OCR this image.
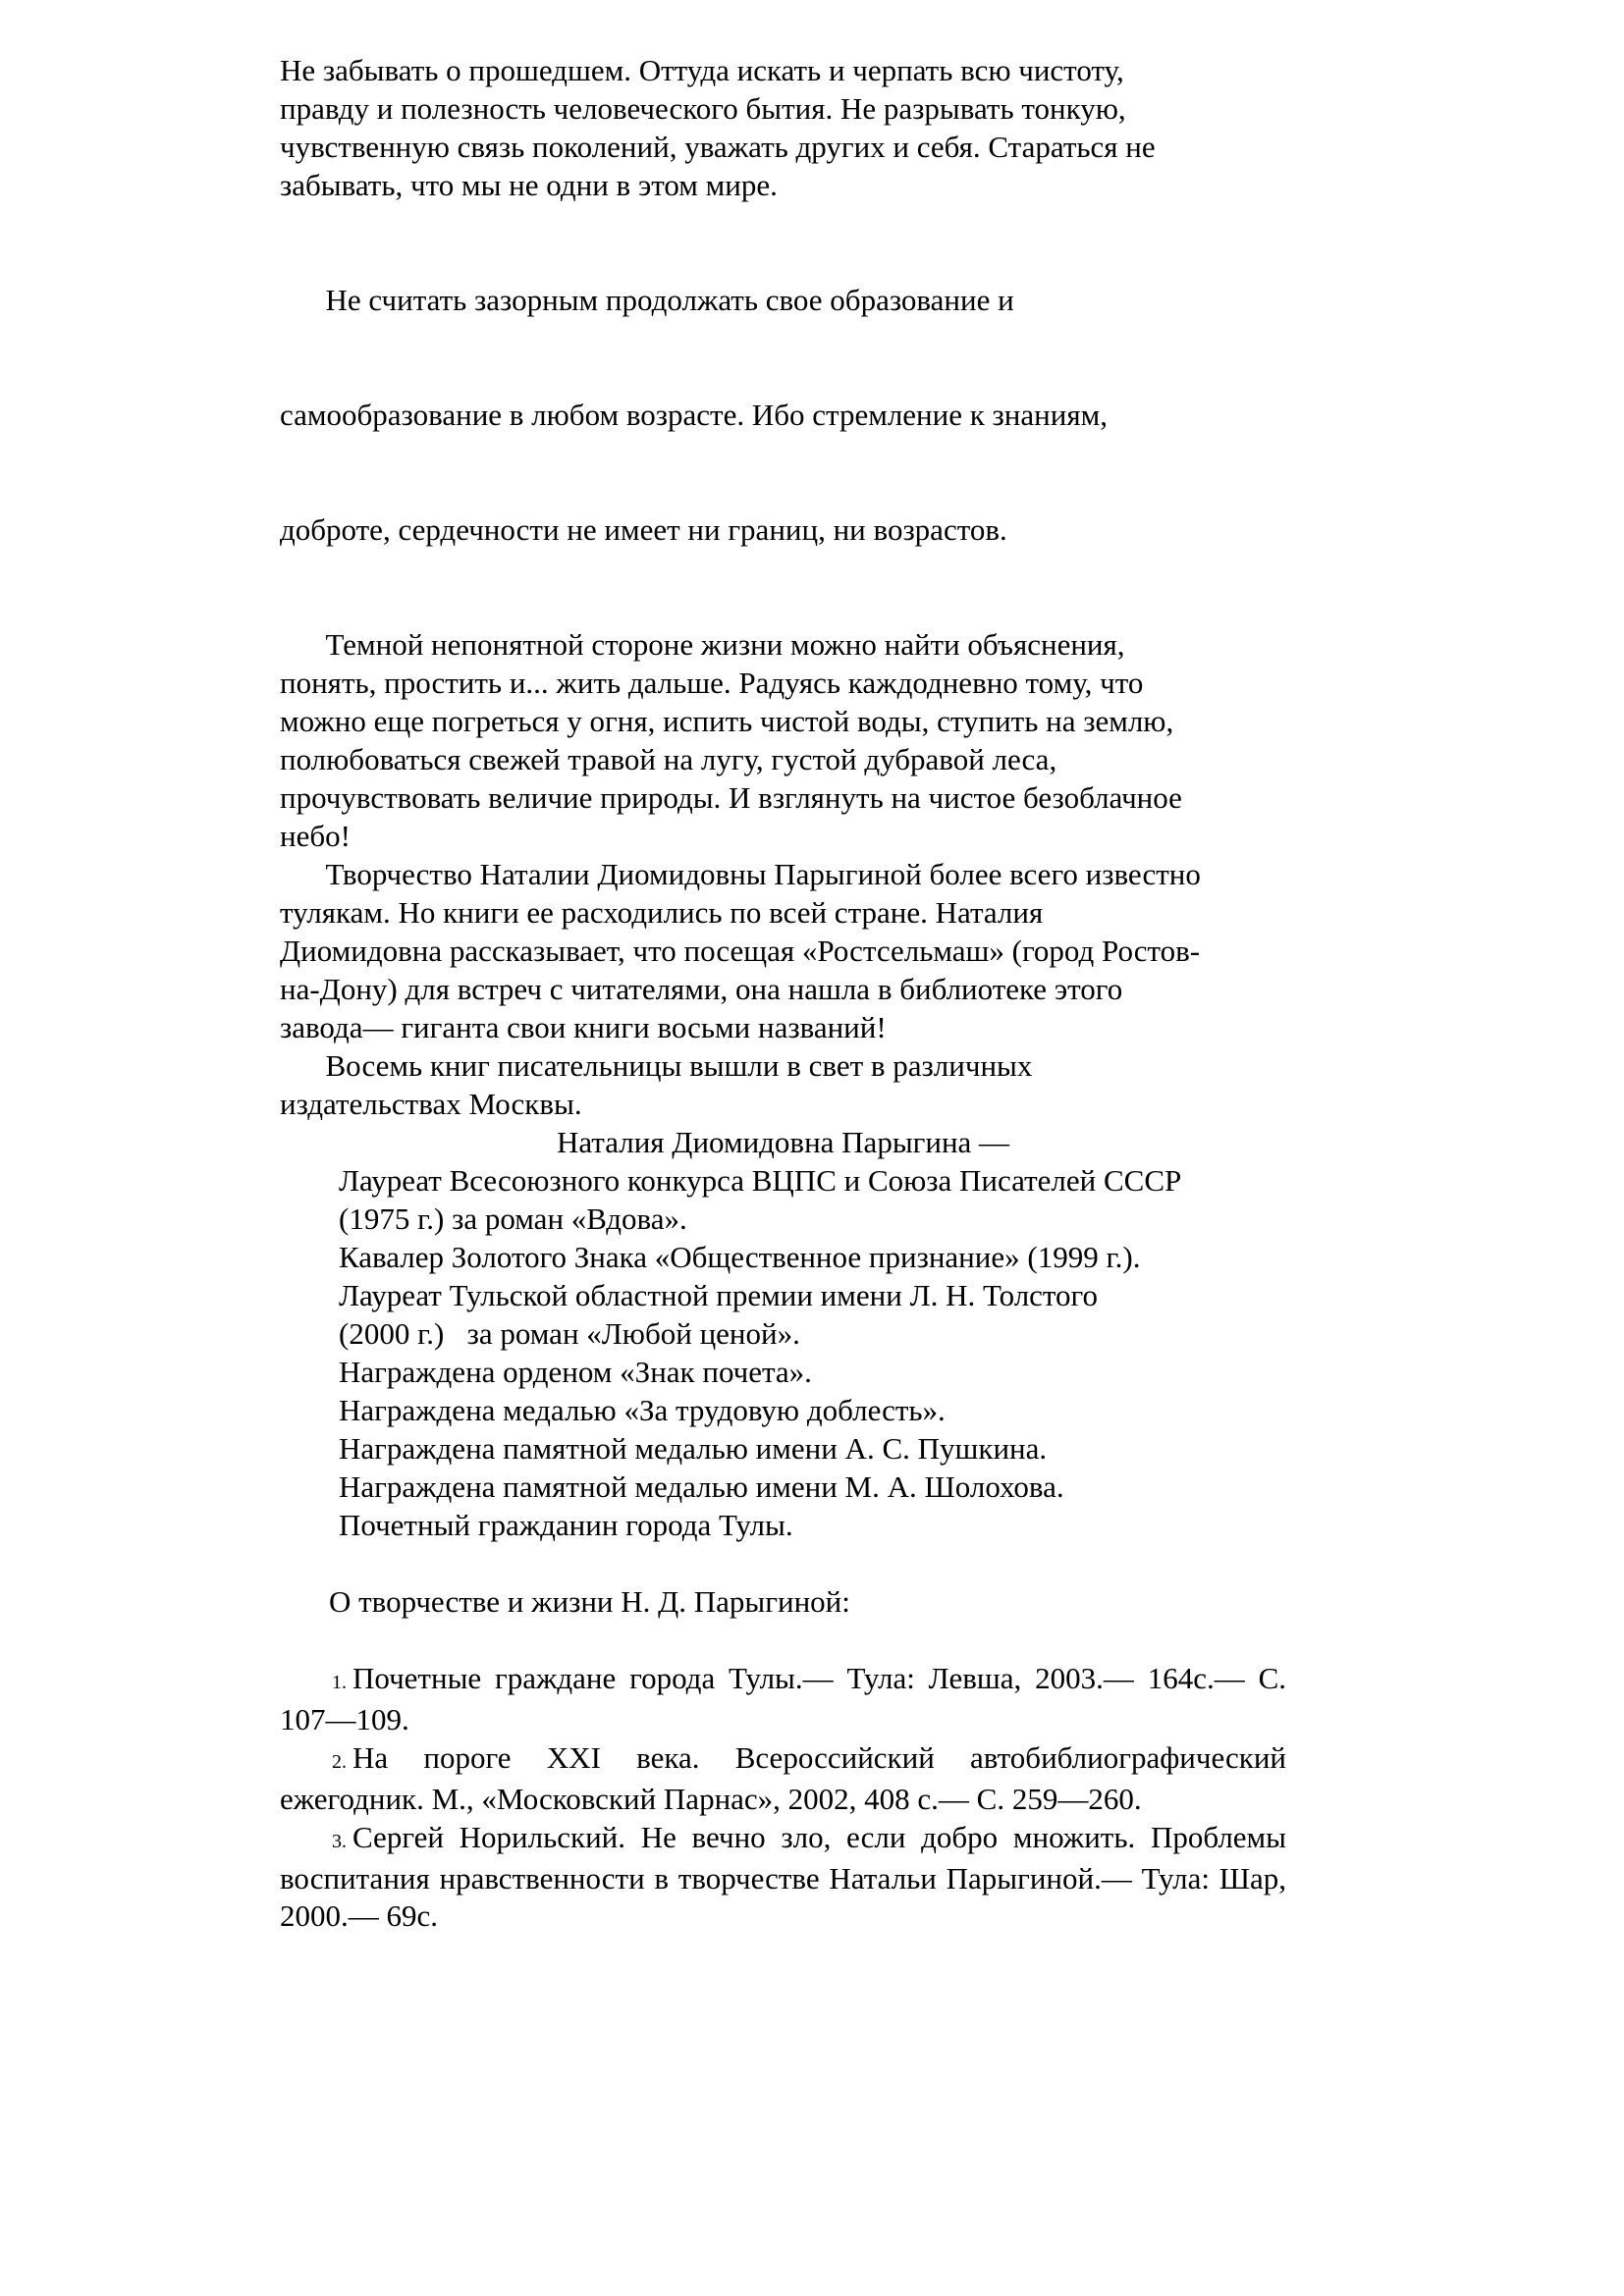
Не забывать о прошедшем. Оттуда искать и черпать всю чистоту,
правду и полезность человеческого бытия. Не разрывать тонкую,
чувственную связь поколений, уважать других и себя. Стараться не
забывать, что мы не одни в этом мире.

Не считать зазорным продолжать свое образование и

самообразование в любом возрасте. Ибо стремление к знаниям,

доброте, сердечности не имеет ни границ, ни возрастов.

Темной непонятной стороне жизни можно найти объяснения,
понять, простить и... жить дальше. Радуясь каждодневно тому, что
можно еще погреться у огня, испить чистой воды, ступить на землю,
полюбоваться свежей травой на лугу, густой дубравой леса,
прочувствовать величие природы. И взглянуть на чистое безоблачное
небо!
Творчество Наталии Диомидовны Парыгиной более всего известно
тулякам. Но книги ее расходились по всей стране. Наталия
Диомидовна рассказывает, что посещая «Ростсельмаш» (город Ростов-
на-Дону) для встреч с читателями, она нашла в библиотеке этого
завода— гиганта свои книги восьми названий!
Восемь книг писательницы вышли в свет в различных
издательствах Москвы.
Наталия Диомидовна Парыгина —
Лауреат Всесоюзного конкурса ВЦПС и Союза Писателей СССР
(1975 г.) за роман «Вдова».
Кавалер Золотого Знака «Общественное признание» (1999 г.).
Лауреат Тульской областной премии имени Л. Н. Толстого
(2000 г.)   за роман «Любой ценой».
Награждена орденом «Знак почета».
Награждена медалью «За трудовую доблесть».
Награждена памятной медалью имени А. С. Пушкина.
Награждена памятной медалью имени М. А. Шолохова.
Почетный гражданин города Тулы.
О творчестве и жизни Н. Д. Парыгиной:
1. Почетные граждане города Тулы.— Тула: Левша, 2003.— 164с.— С. 107—109.
2. На пороге XXI века. Всероссийский автобиблиографический ежегодник. М., «Московский Парнас», 2002, 408 с.— С. 259—260.
3. Сергей Норильский. Не вечно зло, если добро множить. Проблемы воспитания нравственности в творчестве Натальи Парыгиной.— Тула: Шар, 2000.— 69с.
